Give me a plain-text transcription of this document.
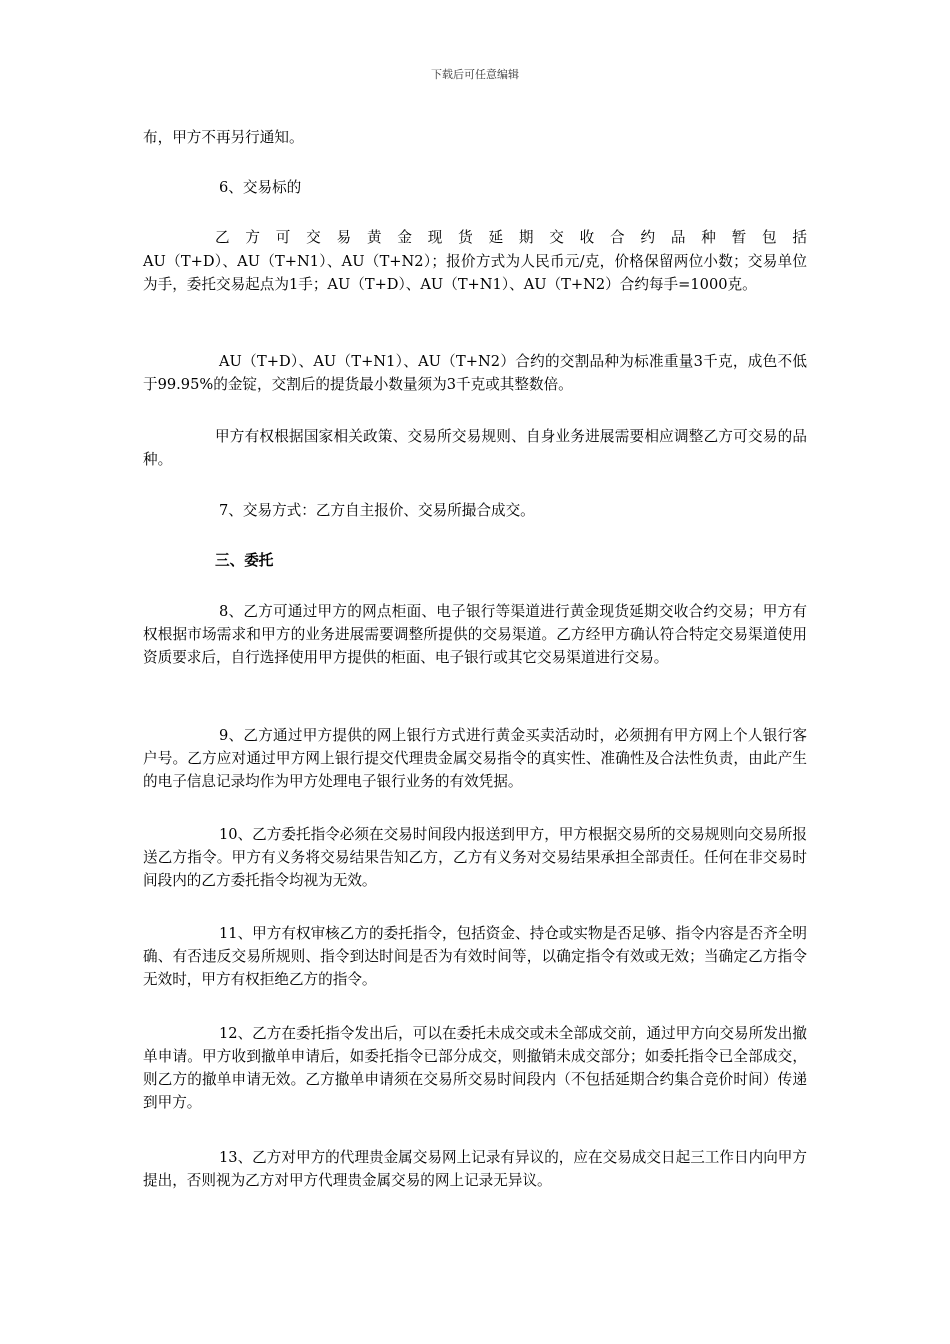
下载后可任意编辑

布，甲方不再另行通知。

6、交易标的

乙方可交易黄金现货延期交收合约品种暂包括

AU（T+D）、AU（T+N1）、AU（T+N2）；报价方式为人民币元/克，价格保留两位小数；交易单位为手，委托交易起点为1手；AU（T+D）、AU（T+N1）、AU（T+N2）合约每手=1000克。

AU（T+D）、AU（T+N1）、AU（T+N2）合约的交割品种为标准重量3千克，成色不低于99.95%的金锭，交割后的提货最小数量须为3千克或其整数倍。

甲方有权根据国家相关政策、交易所交易规则、自身业务进展需要相应调整乙方可交易的品种。

7、交易方式：乙方自主报价、交易所撮合成交。

三、委托

8、乙方可通过甲方的网点柜面、电子银行等渠道进行黄金现货延期交收合约交易；甲方有权根据市场需求和甲方的业务进展需要调整所提供的交易渠道。乙方经甲方确认符合特定交易渠道使用资质要求后，自行选择使用甲方提供的柜面、电子银行或其它交易渠道进行交易。

9、乙方通过甲方提供的网上银行方式进行黄金买卖活动时，必须拥有甲方网上个人银行客户号。乙方应对通过甲方网上银行提交代理贵金属交易指令的真实性、准确性及合法性负责，由此产生的电子信息记录均作为甲方处理电子银行业务的有效凭据。

10、乙方委托指令必须在交易时间段内报送到甲方，甲方根据交易所的交易规则向交易所报送乙方指令。甲方有义务将交易结果告知乙方，乙方有义务对交易结果承担全部责任。任何在非交易时间段内的乙方委托指令均视为无效。

11、甲方有权审核乙方的委托指令，包括资金、持仓或实物是否足够、指令内容是否齐全明确、有否违反交易所规则、指令到达时间是否为有效时间等，以确定指令有效或无效；当确定乙方指令无效时，甲方有权拒绝乙方的指令。

12、乙方在委托指令发出后，可以在委托未成交或未全部成交前，通过甲方向交易所发出撤单申请。甲方收到撤单申请后，如委托指令已部分成交，则撤销未成交部分；如委托指令已全部成交，则乙方的撤单申请无效。乙方撤单申请须在交易所交易时间段内（不包括延期合约集合竞价时间）传递到甲方。

13、乙方对甲方的代理贵金属交易网上记录有异议的，应在交易成交日起三工作日内向甲方提出，否则视为乙方对甲方代理贵金属交易的网上记录无异议。
